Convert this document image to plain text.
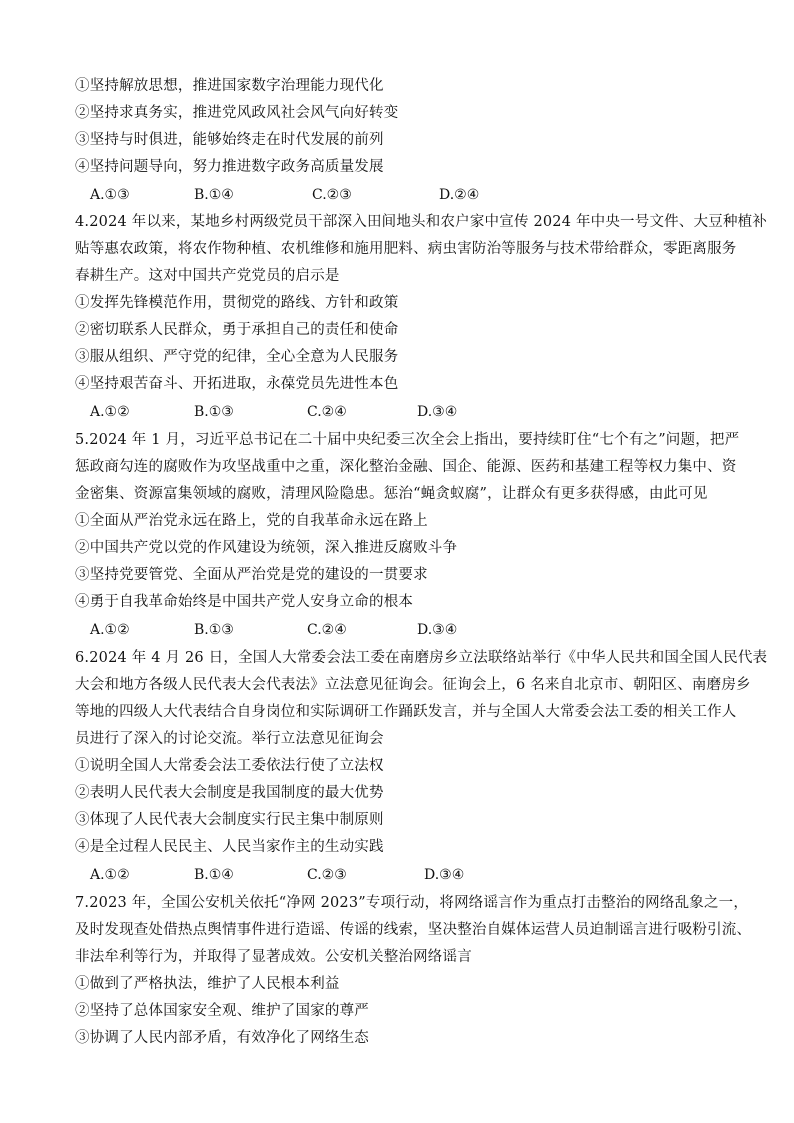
①坚持解放思想，推进国家数字治理能力现代化
②坚持求真务实，推进党风政风社会风气向好转变
③坚持与时俱进，能够始终走在时代发展的前列
④坚持问题导向，努力推进数字政务高质量发展
A.①③	B.①④	C.②③	D.②④
4.2024 年以来，某地乡村两级党员干部深入田间地头和农户家中宣传 2024 年中央一号文件、大豆种植补
贴等惠农政策，将农作物种植、农机维修和施用肥料、病虫害防治等服务与技术带给群众，零距离服务
春耕生产。这对中国共产党党员的启示是
①发挥先锋模范作用，贯彻党的路线、方针和政策
②密切联系人民群众，勇于承担自己的责任和使命
③服从组织、严守党的纪律，全心全意为人民服务
④坚持艰苦奋斗、开拓进取，永葆党员先进性本色
A.①②	B.①③	C.②④	D.③④
5.2024 年 1 月，习近平总书记在二十届中央纪委三次全会上指出，要持续盯住“七个有之”问题，把严
惩政商勾连的腐败作为攻坚战重中之重，深化整治金融、国企、能源、医药和基建工程等权力集中、资
金密集、资源富集领域的腐败，清理风险隐患。惩治“蝇贪蚁腐”，让群众有更多获得感，由此可见
①全面从严治党永远在路上，党的自我革命永远在路上
②中国共产党以党的作风建设为统领，深入推进反腐败斗争
③坚持党要管党、全面从严治党是党的建设的一贯要求
④勇于自我革命始终是中国共产党人安身立命的根本
A.①②	B.①③	C.②④	D.③④
6.2024 年 4 月 26 日，全国人大常委会法工委在南磨房乡立法联络站举行《中华人民共和国全国人民代表
大会和地方各级人民代表大会代表法》立法意见征询会。征询会上，6 名来自北京市、朝阳区、南磨房乡
等地的四级人大代表结合自身岗位和实际调研工作踊跃发言，并与全国人大常委会法工委的相关工作人
员进行了深入的讨论交流。举行立法意见征询会
①说明全国人大常委会法工委依法行使了立法权
②表明人民代表大会制度是我国制度的最大优势
③体现了人民代表大会制度实行民主集中制原则
④是全过程人民民主、人民当家作主的生动实践
A.①②	B.①④	C.②③	D.③④
7.2023 年，全国公安机关依托“净网 2023”专项行动，将网络谣言作为重点打击整治的网络乱象之一，
及时发现查处借热点舆情事件进行造谣、传谣的线索，坚决整治自媒体运营人员迫制谣言进行吸粉引流、
非法牟利等行为，并取得了显著成效。公安机关整治网络谣言
①做到了严格执法，维护了人民根本利益
②坚持了总体国家安全观、维护了国家的尊严
③协调了人民内部矛盾，有效净化了网络生态
